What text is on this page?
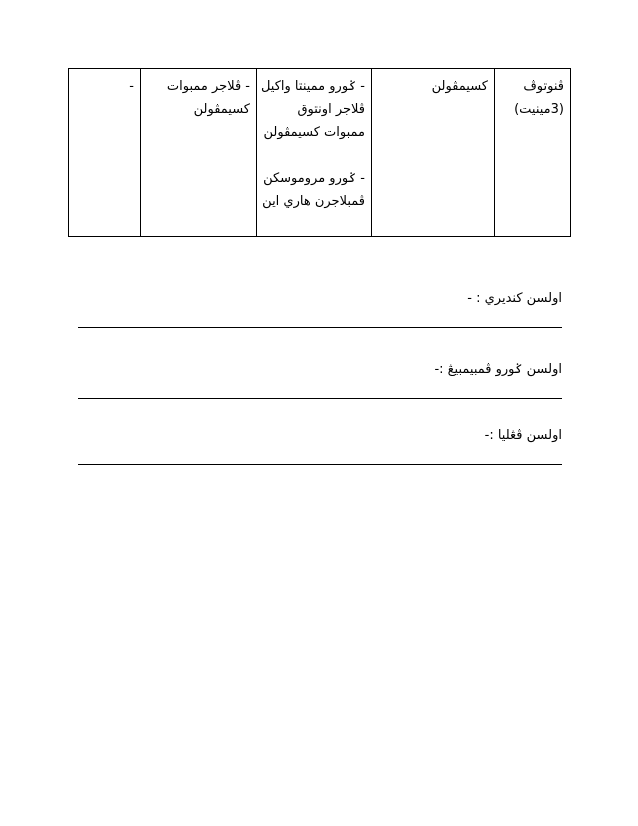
ڤنوتوڤ
(3مينيت)

كسيمڤولن

- ݢورو ممينتا واكيل
ڤلاجر اونتوق
ممبوات كسيمڤولن
- ݢورو مروموسكن
ڤمبلاجرن هاري اين

- ڤلاجر ممبوات
كسيمڤولن

-
اولسن كنديري : -
اولسن ݢورو ڤمبيمبيڠ :-
اولسن ڤڠليا :-
